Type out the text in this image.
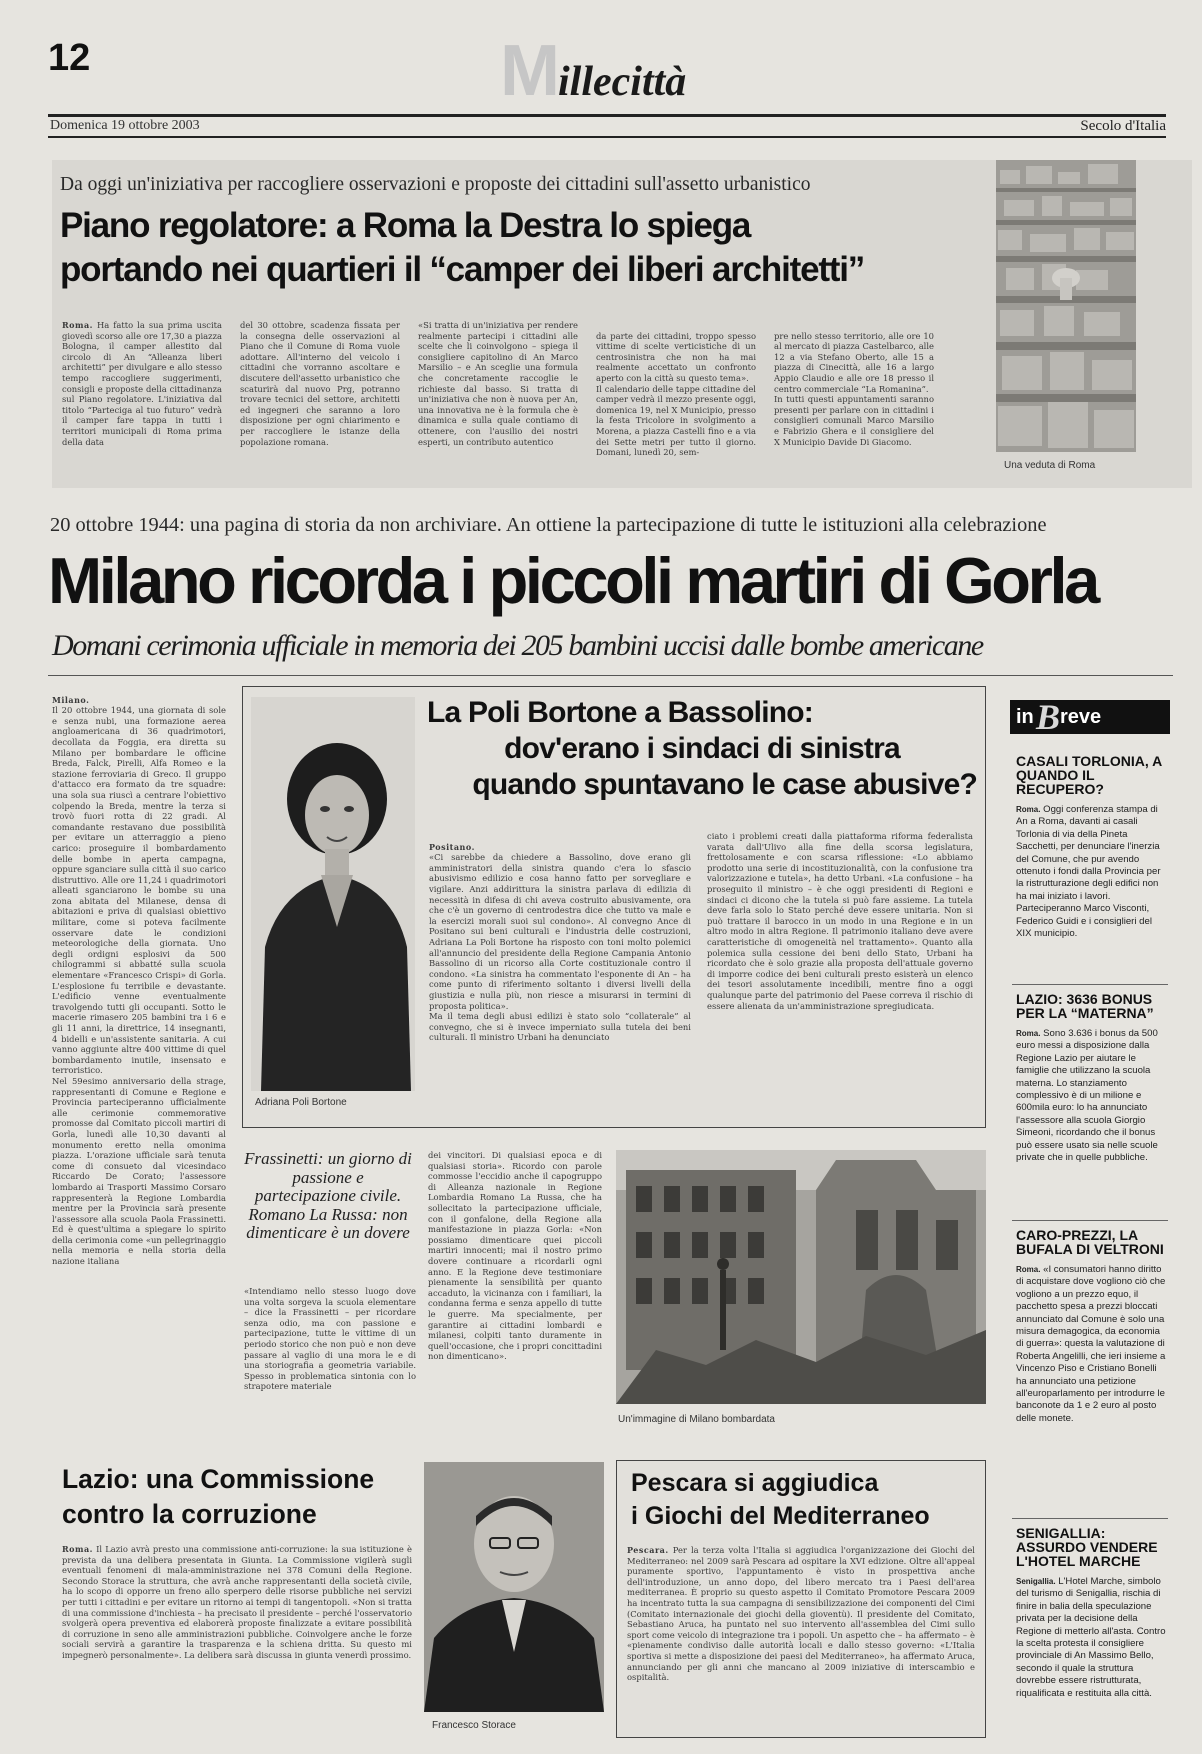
12	Millecittà
Domenica 19 ottobre 2003	Secolo d'Italia
Da oggi un'iniziativa per raccogliere osservazioni e proposte dei cittadini sull'assetto urbanistico
Piano regolatore: a Roma la Destra lo spiega
portando nei quartieri il “camper dei liberi architetti”
Roma. Ha fatto la sua prima uscita giovedì scorso alle ore 17,30 a piazza Bologna, il camper allestito dal circolo di An “Alleanza liberi architetti” per divulgare e allo stesso tempo raccogliere suggerimenti, consigli e proposte della cittadinanza sul Piano regolatore. L'iniziativa dal titolo “Parteciga al tuo futuro” vedrà il camper fare tappa in tutti i territori municipali di Roma prima della data
del 30 ottobre, scadenza fissata per la consegna delle osservazioni al Piano che il Comune di Roma vuole adottare. All'interno del veicolo i cittadini che vorranno ascoltare e discutere dell'assetto urbanistico che scaturirà dal nuovo Prg, potranno trovare tecnici del settore, architetti ed ingegneri che saranno a loro disposizione per ogni chiarimento e per raccogliere le istanze della popolazione romana.
«Si tratta di un'iniziativa per rendere realmente partecipi i cittadini alle scelte che li coinvolgono – spiega il consigliere capitolino di An Marco Marsilio – e An sceglie una formula che concretamente raccoglie le richieste dal basso. Si tratta di un'iniziativa che non è nuova per An, una innovativa ne è la formula che è dinamica e sulla quale contiamo di ottenere, con l'ausilio dei nostri esperti, un contributo autentico

da parte dei cittadini, troppo spesso vittime di scelte verticistiche di un centrosinistra che non ha mai realmente accettato un confronto aperto con la città su questo tema».
Il calendario delle tappe cittadine del camper vedrà il mezzo presente oggi, domenica 19, nel X Municipio, presso la festa Tricolore in svolgimento a Morena, a piazza Castelli fino e a via dei Sette metri per tutto il giorno. Domani, lunedì 20, sem-

pre nello stesso territorio, alle ore 10 al mercato di piazza Castelbarco, alle 12 a via Stefano Oberto, alle 15 a piazza di Cinecittà, alle 16 a largo Appio Claudio e alle ore 18 presso il centro commerciale “La Romanina”.
In tutti questi appuntamenti saranno presenti per parlare con in cittadini i consiglieri comunali Marco Marsilio e Fabrizio Ghera e il consigliere del X Municipio Davide Di Giacomo.

Una veduta di Roma
20 ottobre 1944: una pagina di storia da non archiviare. An ottiene la partecipazione di tutte le istituzioni alla celebrazione
Milano ricorda i piccoli martiri di Gorla
Domani cerimonia ufficiale in memoria dei 205 bambini uccisi dalle bombe americane

Milano.
Il 20 ottobre 1944, una giornata di sole e senza nubi, una formazione aerea angloamericana di 36 quadrimotori, decollata da Foggia, era diretta su Milano per bombardare le officine Breda, Falck, Pirelli, Alfa Romeo e la stazione ferroviaria di Greco. Il gruppo d'attacco era formato da tre squadre: una sola sua riuscì a centrare l'obiettivo colpendo la Breda, mentre la terza si trovò fuori rotta di 22 gradi. Al comandante restavano due possibilità per evitare un atterraggio a pieno carico: proseguire il bombardamento delle bombe in aperta campagna, oppure sganciare sulla città il suo carico distruttivo. Alle ore 11,24 i quadrimotori alleati sganciarono le bombe su una zona abitata del Milanese, densa di abitazioni e priva di qualsiasi obiettivo militare, come si poteva facilmente osservare date le condizioni meteorologiche della giornata. Uno degli ordigni esplosivi da 500 chilogrammi si abbatté sulla scuola elementare «Francesco Crispi» di Gorla. L'esplosione fu terribile e devastante. L'edificio venne eventualmente travolgendo tutti gli occupanti. Sotto le macerie rimasero 205 bambini tra i 6 e gli 11 anni, la direttrice, 14 insegnanti, 4 bidelli e un'assistente sanitaria. A cui vanno aggiunte altre 400 vittime di quel bombardamento inutile, insensato e terroristico.
Nel 59esimo anniversario della strage, rappresentanti di Comune e Regione e Provincia parteciperanno ufficialmente alle cerimonie commemorative promosse dal Comitato piccoli martiri di Gorla, lunedì alle 10,30 davanti al monumento eretto nella omonima piazza. L'orazione ufficiale sarà tenuta come di consueto dal vicesindaco Riccardo De Corato; l'assessore lombardo ai Trasporti Massimo Corsaro rappresenterà la Regione Lombardia mentre per la Provincia sarà presente l'assessore alla scuola Paola Frassinetti. Ed è quest'ultima a spiegare lo spirito della cerimonia come «un pellegrinaggio nella memoria e nella storia della nazione italiana

Adriana Poli Bortone
La Poli Bortone a Bassolino:
dov'erano i sindaci di sinistra
quando spuntavano le case abusive?

Positano.
«Ci sarebbe da chiedere a Bassolino, dove erano gli amministratori della sinistra quando c'era lo sfascio abusivismo edilizio e cosa hanno fatto per sorvegliare e vigilare. Anzi addirittura la sinistra parlava di edilizia di necessità in difesa di chi aveva costruito abusivamente, ora che c'è un governo di centrodestra dice che tutto va male e la esercizi morali suoi sul condono». Al convegno Ance di Positano sui beni culturali e l'industria delle costruzioni, Adriana La Poli Bortone ha risposto con toni molto polemici all'annuncio del presidente della Regione Campania Antonio Bassolino di un ricorso alla Corte costituzionale contro il condono. «La sinistra ha commentato l'esponente di An – ha come punto di riferimento soltanto i diversi livelli della giustizia e nulla più, non riesce a misurarsi in termini di proposta politica».
Ma il tema degli abusi edilizi è stato solo “collaterale” al convegno, che si è invece imperniato sulla tutela dei beni culturali. Il ministro Urbani ha denunciato

ciato i problemi creati dalla piattaforma riforma federalista varata dall'Ulivo alla fine della scorsa legislatura, frettolosamente e con scarsa riflessione: «Lo abbiamo prodotto una serie di incostituzionalità, con la confusione tra valorizzazione e tutela», ha detto Urbani. «La confusione – ha proseguito il ministro – è che oggi presidenti di Regioni e sindaci ci dicono che la tutela si può fare assieme. La tutela deve farla solo lo Stato perché deve essere unitaria. Non si può trattare il barocco in un modo in una Regione e in un altro modo in altra Regione. Il patrimonio italiano deve avere caratteristiche di omogeneità nel trattamento». Quanto alla polemica sulla cessione dei beni dello Stato, Urbani ha ricordato che è solo grazie alla proposta dell'attuale governo di imporre codice dei beni culturali presto esisterà un elenco dei tesori assolutamente incedibili, mentre fino a oggi qualunque parte del patrimonio del Paese correva il rischio di essere alienata da un'amministrazione spregiudicata.
Frassinetti: un giorno di passione e partecipazione civile. Romano La Russa: non dimenticare è un dovere
«Intendiamo nello stesso luogo dove una volta sorgeva la scuola elementare – dice la Frassinetti – per ricordare senza odio, ma con passione e partecipazione, tutte le vittime di un periodo storico che non può e non deve passare al vaglio di una mora le e di una storiografia a geometria variabile. Spesso in problematica sintonia con lo strapotere materiale
dei vincitori. Di qualsiasi epoca e di qualsiasi storia». Ricordo con parole commosse l'eccidio anche il capogruppo di Alleanza nazionale in Regione Lombardia Romano La Russa, che ha sollecitato la partecipazione ufficiale, con il gonfalone, della Regione alla manifestazione in piazza Gorla: «Non possiamo dimenticare quei piccoli martiri innocenti; mai il nostro primo dovere continuare a ricordarli ogni anno. E la Regione deve testimoniare pienamente la sensibilità per quanto accaduto, la vicinanza con i familiari, la condanna ferma e senza appello di tutte le guerre. Ma specialmente, per garantire ai cittadini lombardi e milanesi, colpiti tanto duramente in quell'occasione, che i propri concittadini non dimenticano».
Un'immagine di Milano bombardata
Lazio: una Commissione
contro la corruzione
Roma. Il Lazio avrà presto una commissione anti-corruzione: la sua istituzione è prevista da una delibera presentata in Giunta. La Commissione vigilerà sugli eventuali fenomeni di mala-amministrazione nei 378 Comuni della Regione. Secondo Storace la struttura, che avrà anche rappresentanti della società civile, ha lo scopo di opporre un freno allo sperpero delle risorse pubbliche nei servizi per tutti i cittadini e per evitare un ritorno ai tempi di tangentopoli. «Non si tratta di una commissione d'inchiesta – ha precisato il presidente – perché l'osservatorio svolgerà opera preventiva ed elaborerà proposte finalizzate a evitare possibilità di corruzione in seno alle amministrazioni pubbliche. Coinvolgere anche le forze sociali servirà a garantire la trasparenza e la schiena dritta. Su questo mi impegnerò personalmente». La delibera sarà discussa in giunta venerdì prossimo.
Francesco Storace
Pescara si aggiudica
i Giochi del Mediterraneo
Pescara. Per la terza volta l'Italia si aggiudica l'organizzazione dei Giochi del Mediterraneo: nel 2009 sarà Pescara ad ospitare la XVI edizione. Oltre all'appeal puramente sportivo, l'appuntamento è visto in prospettiva anche dell'introduzione, un anno dopo, del libero mercato tra i Paesi dell'area mediterranea. È proprio su questo aspetto il Comitato Promotore Pescara 2009 ha incentrato tutta la sua campagna di sensibilizzazione dei componenti del Cimi (Comitato internazionale dei giochi della gioventù). Il presidente del Comitato, Sebastiano Aruca, ha puntato nel suo intervento all'assemblea del Cimi sullo sport come veicolo di integrazione tra i popoli. Un aspetto che – ha affermato – è «pienamente condiviso dalle autorità locali e dallo stesso governo: «L'Italia sportiva si mette a disposizione dei paesi del Mediterraneo», ha affermato Aruca, annunciando per gli anni che mancano al 2009 iniziative di interscambio e ospitalità.
in B reve
CASALI TORLONIA, A QUANDO IL RECUPERO?
Roma. Oggi conferenza stampa di An a Roma, davanti ai casali Torlonia di via della Pineta Sacchetti, per denunciare l'inerzia del Comune, che pur avendo ottenuto i fondi dalla Provincia per la ristrutturazione degli edifici non ha mai iniziato i lavori. Parteciperanno Marco Visconti, Federico Guidi e i consiglieri del XIX municipio.
LAZIO: 3636 BONUS PER LA “MATERNA”
Roma. Sono 3.636 i bonus da 500 euro messi a disposizione dalla Regione Lazio per aiutare le famiglie che utilizzano la scuola materna. Lo stanziamento complessivo è di un milione e 600mila euro: lo ha annunciato l'assessore alla scuola Giorgio Simeoni, ricordando che il bonus può essere usato sia nelle scuole private che in quelle pubbliche.
CARO-PREZZI, LA BUFALA DI VELTRONI
Roma. «I consumatori hanno diritto di acquistare dove vogliono ciò che vogliono a un prezzo equo, il pacchetto spesa a prezzi bloccati annunciato dal Comune è solo una misura demagogica, da economia di guerra»: questa la valutazione di Roberta Angelilli, che ieri insieme a Vincenzo Piso e Cristiano Bonelli ha annunciato una petizione all'europarlamento per introdurre le banconote da 1 e 2 euro al posto delle monete.
SENIGALLIA: ASSURDO VENDERE L'HOTEL MARCHE
Senigallia. L'Hotel Marche, simbolo del turismo di Senigallia, rischia di finire in balia della speculazione privata per la decisione della Regione di metterlo all'asta. Contro la scelta protesta il consigliere provinciale di An Massimo Bello, secondo il quale la struttura dovrebbe essere ristrutturata, riqualificata e restituita alla città.
